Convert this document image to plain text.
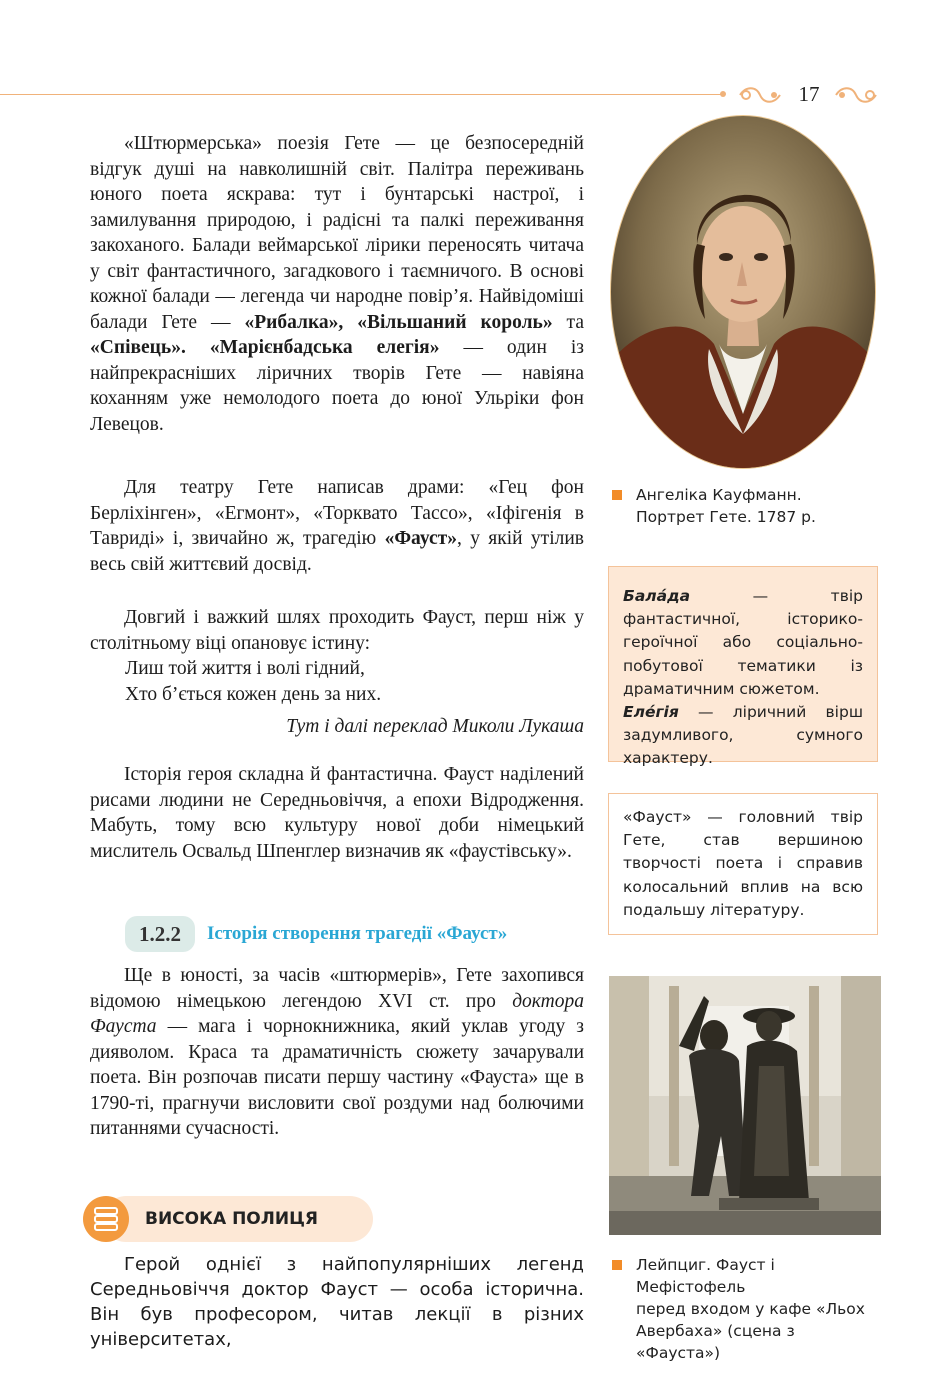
17

«Штюрмерська» поезія Гете — це безпосередній відгук душі на навколишній світ. Палітра переживань юного поета яскрава: тут і бунтарські настрої, і замилування природою, і радісні та палкі переживання закоханого. Балади веймарської лірики переносять читача у світ фантастичного, загадкового і таємничого. В основі кожної балади — легенда чи народне повір’я. Найвідоміші балади Гете — «Рибалка», «Вільшаний король» та «Співець». «Марієнбадська елегія» — один із найпрекрасніших ліричних творів Гете — навіяна коханням уже немолодого поета до юної Ульріки фон Левецов.

Для театру Гете написав драми: «Гец фон Берліхінген», «Егмонт», «Торквато Тассо», «Іфігенія в Тавриді» і, звичайно ж, трагедію «Фауст», у якій утілив весь свій життєвий досвід.

Довгий і важкий шлях проходить Фауст, перш ніж у столітньому віці опановує істину:

Лиш той життя і волі гідний,
Хто б’ється кожен день за них.
Тут і далі переклад Миколи Лукаша

Історія героя складна й фантастична. Фауст наділений рисами людини не Середньовіччя, а епохи Відродження. Мабуть, тому всю культуру нової доби німецький мислитель Освальд Шпенглер визначив як «фаустівську».

1.2.2	Історія створення трагедії «Фауст»

Ще в юності, за часів «штюрмерів», Гете захопився відомою німецькою легендою XVI ст. про доктора Фауста — мага і чорнокнижника, який уклав угоду з дияволом. Краса та драматичність сюжету зачарували поета. Він розпочав писати першу частину «Фауста» ще в 1790-ті, прагнучи висловити свої роздуми над болючими питаннями сучасності.

ВИСОКА ПОЛИЦЯ

Герой однієї з найпопулярніших легенд Середньовіччя доктор Фауст — особа історична. Він був професором, читав лекції в різних університетах,

Ангеліка Кауфманн.
Портрет Гете. 1787 р.

Бала́да — твір фантастичної, історико-героїчної або соціально-побутової тематики із драматичним сюжетом.

Еле́гія — ліричний вірш задумливого, сумного характеру.

«Фауст» — головний твір Гете, став вершиною творчості поета і справив колосальний вплив на всю подальшу літературу.

Лейпциг. Фауст і Мефістофель
перед входом у кафе «Льох
Авербаха» (сцена з «Фауста»)
